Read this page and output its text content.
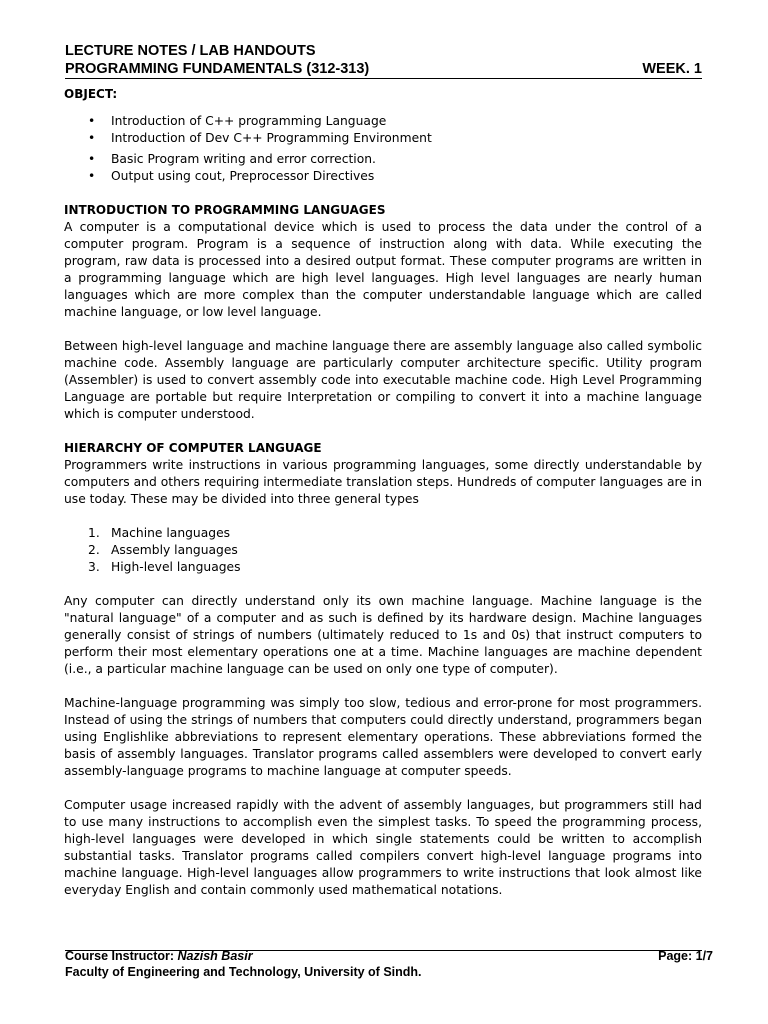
LECTURE NOTES / LAB HANDOUTS
PROGRAMMING FUNDAMENTALS (312-313)	WEEK. 1
OBJECT:
• Introduction of C++ programming Language
• Introduction of Dev C++ Programming Environment
• Basic Program writing and error correction.
• Output using cout, Preprocessor Directives
INTRODUCTION TO PROGRAMMING LANGUAGES

A computer is a computational device which is used to process the data under the control of a computer program. Program is a sequence of instruction along with data. While executing the program, raw data is processed into a desired output format. These computer programs are written in a programming language which are high level languages. High level languages are nearly human languages which are more complex than the computer understandable language which are called machine language, or low level language.

Between high-level language and machine language there are assembly language also called symbolic machine code. Assembly language are particularly computer architecture specific. Utility program (Assembler) is used to convert assembly code into executable machine code. High Level Programming Language are portable but require Interpretation or compiling to convert it into a machine language which is computer understood.

HIERARCHY OF COMPUTER LANGUAGE

Programmers write instructions in various programming languages, some directly understandable by computers and others requiring intermediate translation steps. Hundreds of computer languages are in use today. These may be divided into three general types

1. Machine languages
2. Assembly languages
3. High-level languages

Any computer can directly understand only its own machine language. Machine language is the "natural language" of a computer and as such is defined by its hardware design. Machine languages generally consist of strings of numbers (ultimately reduced to 1s and 0s) that instruct computers to perform their most elementary operations one at a time. Machine languages are machine dependent (i.e., a particular machine language can be used on only one type of computer).

Machine-language programming was simply too slow, tedious and error-prone for most programmers. Instead of using the strings of numbers that computers could directly understand, programmers began using Englishlike abbreviations to represent elementary operations. These abbreviations formed the basis of assembly languages. Translator programs called assemblers were developed to convert early assembly-language programs to machine language at computer speeds.

Computer usage increased rapidly with the advent of assembly languages, but programmers still had to use many instructions to accomplish even the simplest tasks. To speed the programming process, high-level languages were developed in which single statements could be written to accomplish substantial tasks. Translator programs called compilers convert high-level language programs into machine language. High-level languages allow programmers to write instructions that look almost like everyday English and contain commonly used mathematical notations.

Course Instructor: Nazish Basir	Page: 1/7
Faculty of Engineering and Technology, University of Sindh.
